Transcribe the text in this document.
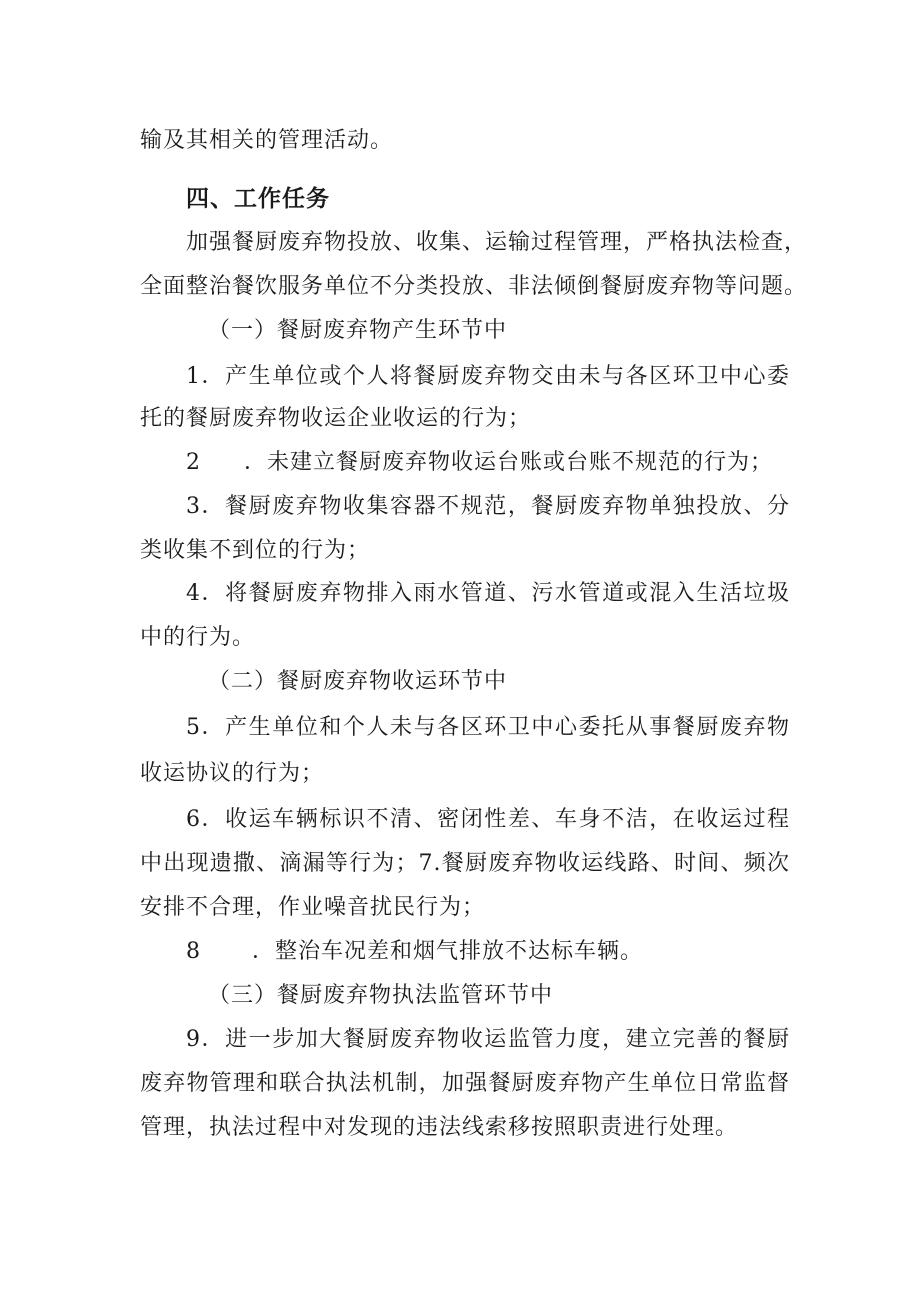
输及其相关的管理活动。
四、工作任务
加强餐厨废弃物投放、收集、运输过程管理，严格执法检查，
全面整治餐饮服务单位不分类投放、非法倾倒餐厨废弃物等问题。
（一）餐厨废弃物产生环节中
1．产生单位或个人将餐厨废弃物交由未与各区环卫中心委
托的餐厨废弃物收运企业收运的行为；
2 ．未建立餐厨废弃物收运台账或台账不规范的行为；
3．餐厨废弃物收集容器不规范，餐厨废弃物单独投放、分
类收集不到位的行为；
4．将餐厨废弃物排入雨水管道、污水管道或混入生活垃圾
中的行为。
（二）餐厨废弃物收运环节中
5．产生单位和个人未与各区环卫中心委托从事餐厨废弃物
收运协议的行为；
6．收运车辆标识不清、密闭性差、车身不洁，在收运过程
中出现遗撒、滴漏等行为；7.餐厨废弃物收运线路、时间、频次
安排不合理，作业噪音扰民行为；
8 ．整治车况差和烟气排放不达标车辆。
（三）餐厨废弃物执法监管环节中
9．进一步加大餐厨废弃物收运监管力度，建立完善的餐厨
废弃物管理和联合执法机制，加强餐厨废弃物产生单位日常监督
管理，执法过程中对发现的违法线索移按照职责进行处理。
